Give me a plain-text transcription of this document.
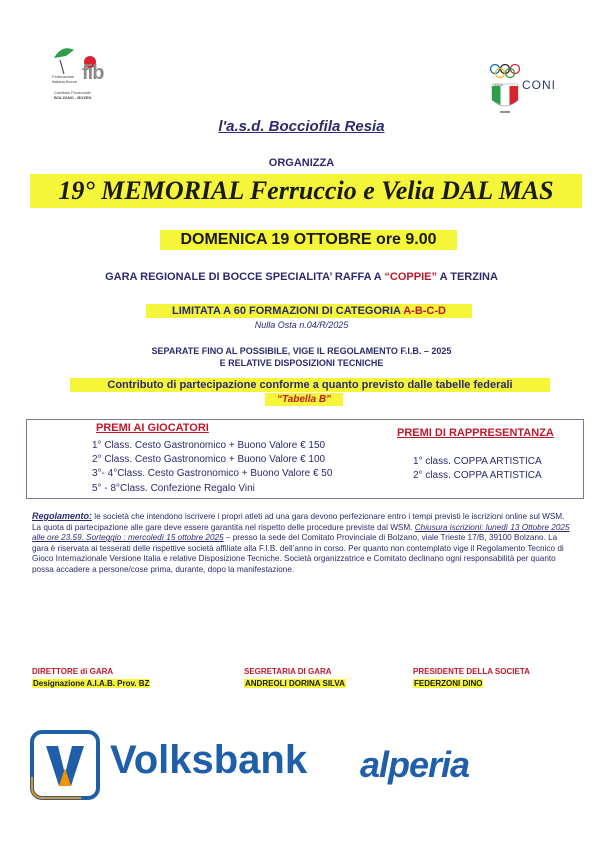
fib
Federazione Italiana Bocce
Comitato Provinciale
BOLZANO - BOZEN
CONI
ITALIA
l'a.s.d. Bocciofila Resia
ORGANIZZA
19° MEMORIAL Ferruccio e Velia DAL MAS
DOMENICA 19 OTTOBRE ore 9.00
GARA REGIONALE DI BOCCE SPECIALITA’ RAFFA A “COPPIE” A TERZINA
LIMITATA A 60 FORMAZIONI DI CATEGORIA A-B-C-D
Nulla Osta n.04/R/2025
SEPARATE FINO AL POSSIBILE, VIGE IL REGOLAMENTO F.I.B. – 2025
E RELATIVE DISPOSIZIONI TECNICHE
Contributo di partecipazione conforme a quanto previsto dalle tabelle federali
“Tabella B”
PREMI AI GIOCATORI
1° Class. Cesto Gastronomico + Buono Valore € 150
2° Class. Cesto Gastronomico + Buono Valore € 100
3°- 4°Class. Cesto Gastronomico + Buono Valore € 50
5° - 8°Class. Confezione Regalo Vini
PREMI DI RAPPRESENTANZA
1° class. COPPA ARTISTICA
2° class. COPPA ARTISTICA
Regolamento: le società che intendono iscrivere i propri atleti ad una gara devono perfezionare entro i tempi previsti le iscrizioni online sul WSM. La quota di partecipazione alle gare deve essere garantita nel rispetto delle procedure previste dal WSM. Chiusura iscrizioni: lunedì 13 Ottobre 2025 alle ore 23.59. Sorteggio : mercoledì 15 ottobre 2025 – presso la sede del Comitato Provinciale di Bolzano, viale Trieste 17/B, 39100 Bolzano. La gara è riservata ai tesserati delle rispettive società affiliate alla F.I.B. dell’anno in corso. Per quanto non contemplato vige il Regolamento Tecnico di Gioco Internazionale Versione Italia e relative Disposizione Tecniche. Società organizzatrice e Comitato declinano ogni responsabilità per quanto possa accadere a persone/cose prima, durante, dopo la manifestazione.
DIRETTORE di GARA
Designazione A.I.A.B. Prov. BZ
SEGRETARIA DI GARA
ANDREOLI DORINA SILVA
PRESIDENTE DELLA SOCIETA
FEDERZONI DINO
Volksbank alperia
